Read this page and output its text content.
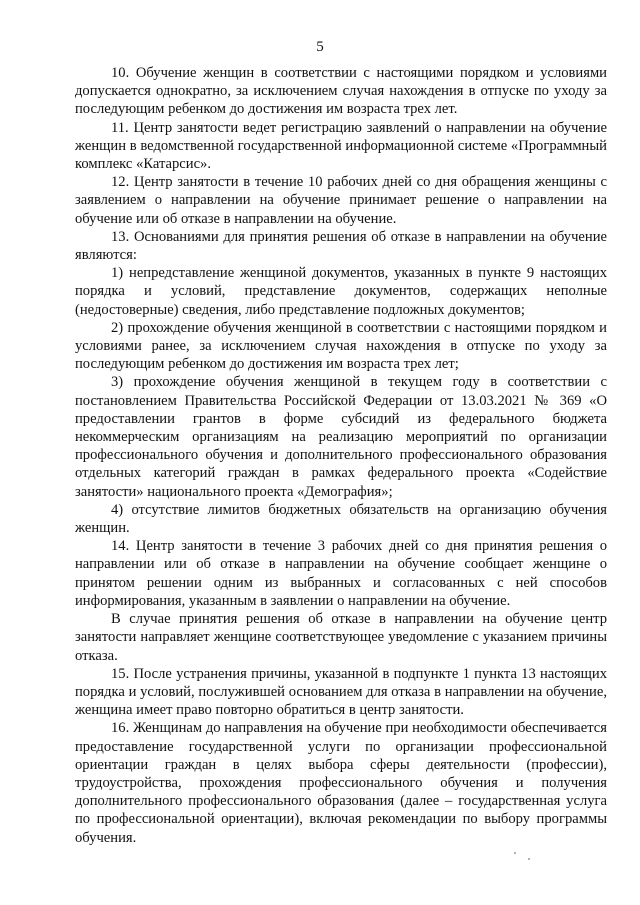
5

10. Обучение женщин в соответствии с настоящими порядком и условиями допускается однократно, за исключением случая нахождения в отпуске по уходу за последующим ребенком до достижения им возраста трех лет.

11. Центр занятости ведет регистрацию заявлений о направлении на обучение женщин в ведомственной государственной информационной системе «Программный комплекс «Катарсис».

12. Центр занятости в течение 10 рабочих дней со дня обращения женщины с заявлением о направлении на обучение принимает решение о направлении на обучение или об отказе в направлении на обучение.

13. Основаниями для принятия решения об отказе в направлении на обучение являются:

1) непредставление женщиной документов, указанных в пункте 9 настоящих порядка и условий, представление документов, содержащих неполные (недостоверные) сведения, либо представление подложных документов;

2) прохождение обучения женщиной в соответствии с настоящими порядком и условиями ранее, за исключением случая нахождения в отпуске по уходу за последующим ребенком до достижения им возраста трех лет;

3) прохождение обучения женщиной в текущем году в соответствии с постановлением Правительства Российской Федерации от 13.03.2021 № 369 «О предоставлении грантов в форме субсидий из федерального бюджета некоммерческим организациям на реализацию мероприятий по организации профессионального обучения и дополнительного профессионального образования отдельных категорий граждан в рамках федерального проекта «Содействие занятости» национального проекта «Демография»;

4) отсутствие лимитов бюджетных обязательств на организацию обучения женщин.

14. Центр занятости в течение 3 рабочих дней со дня принятия решения о направлении или об отказе в направлении на обучение сообщает женщине о принятом решении одним из выбранных и согласованных с ней способов информирования, указанным в заявлении о направлении на обучение.

В случае принятия решения об отказе в направлении на обучение центр занятости направляет женщине соответствующее уведомление с указанием причины отказа.

15. После устранения причины, указанной в подпункте 1 пункта 13 настоящих порядка и условий, послужившей основанием для отказа в направлении на обучение, женщина имеет право повторно обратиться в центр занятости.

16. Женщинам до направления на обучение при необходимости обеспечивается предоставление государственной услуги по организации профессиональной ориентации граждан в целях выбора сферы деятельности (профессии), трудоустройства, прохождения профессионального обучения и получения дополнительного профессионального образования (далее – государственная услуга по профессиональной ориентации), включая рекомендации по выбору программы обучения.
